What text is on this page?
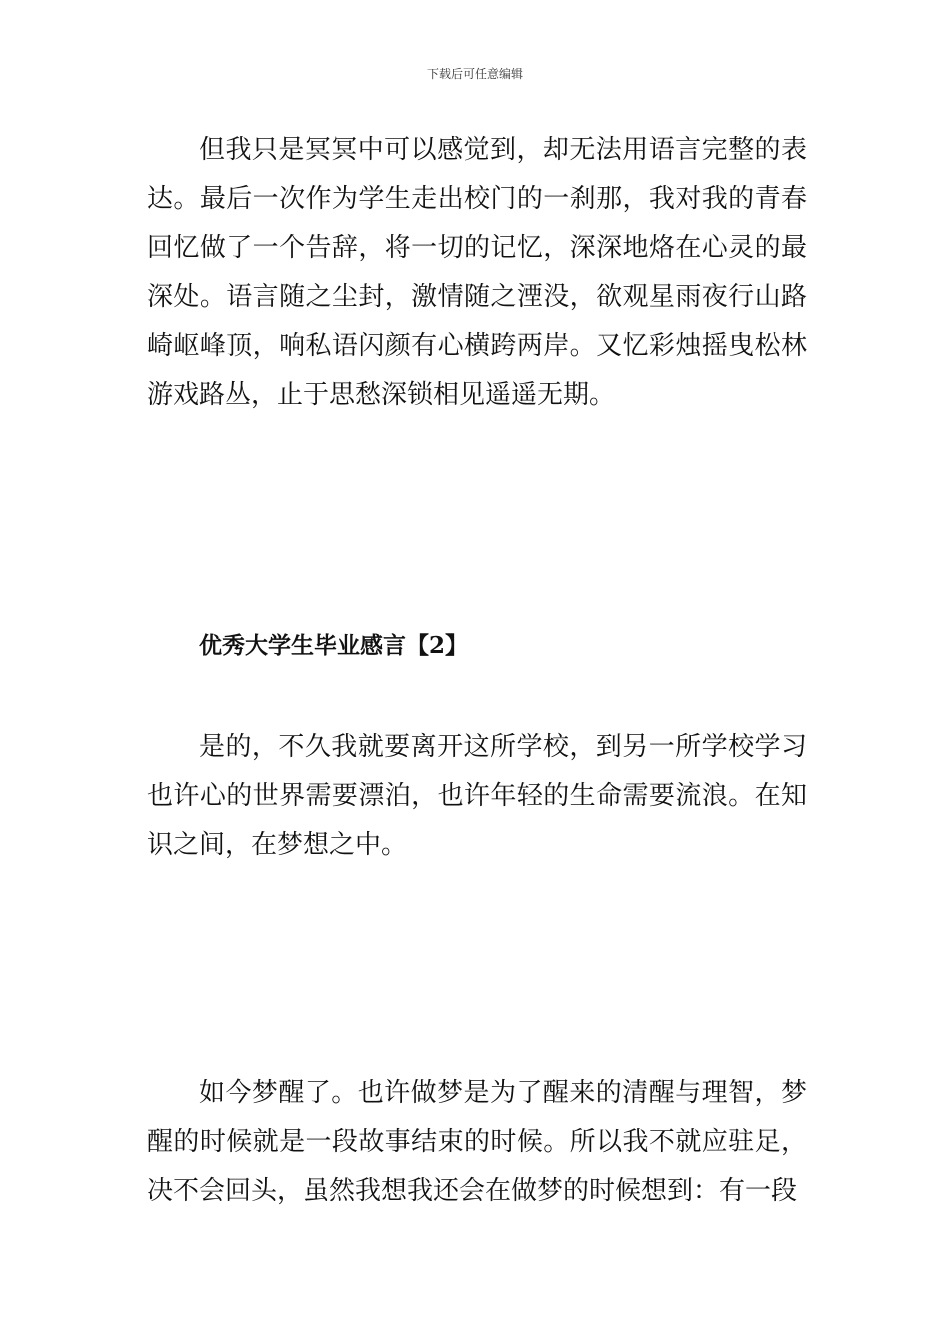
下载后可任意编辑

但我只是冥冥中可以感觉到，却无法用语言完整的表达。最后一次作为学生走出校门的一刹那，我对我的青春回忆做了一个告辞，将一切的记忆，深深地烙在心灵的最深处。语言随之尘封，激情随之湮没，欲观星雨夜行山路崎岖峰顶，响私语闪颜有心横跨两岸。又忆彩烛摇曳松林游戏路丛，止于思愁深锁相见遥遥无期。

优秀大学生毕业感言【2】

是的，不久我就要离开这所学校，到另一所学校学习也许心的世界需要漂泊，也许年轻的生命需要流浪。在知识之间，在梦想之中。

如今梦醒了。也许做梦是为了醒来的清醒与理智，梦醒的时候就是一段故事结束的时候。所以我不就应驻足，决不会回头，虽然我想我还会在做梦的时候想到：有一段
